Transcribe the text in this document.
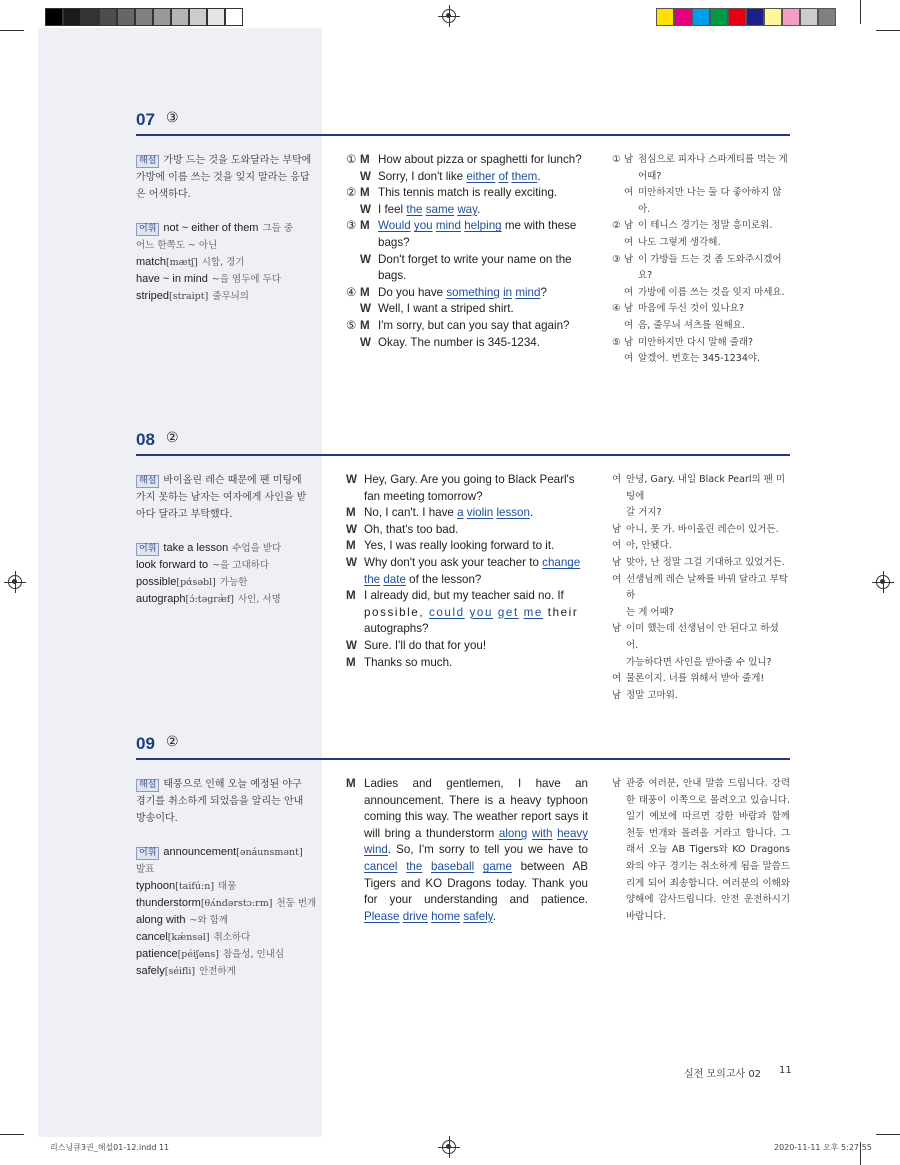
07 ③
해설 가방 드는 것을 도와달라는 부탁에
가방에 이름 쓰는 것을 잊지 말라는 응답
은 어색하다.
어휘 not ~ either of them 그들 중
어느 한쪽도 ~ 아닌
match[mætʃ] 시합, 경기
have ~ in mind ~을 염두에 두다
striped[straipt] 줄무늬의
① M How about pizza or spaghetti for lunch?
W Sorry, I don't like either of them.
② M This tennis match is really exciting.
W I feel the same way.
③ M Would you mind helping me with these
bags?
W Don't forget to write your name on the
bags.
④ M Do you have something in mind?
W Well, I want a striped shirt.
⑤ M I'm sorry, but can you say that again?
W Okay. The number is 345-1234.
① 남 점심으로 피자나 스파게티를 먹는 게
어때?
여 미안하지만 나는 둘 다 좋아하지 않아.
② 남 이 테니스 경기는 정말 흥미로워.
여 나도 그렇게 생각해.
③ 남 이 가방들 드는 것 좀 도와주시겠어요?
여 가방에 이름 쓰는 것을 잊지 마세요.
④ 남 마음에 두신 것이 있나요?
여 음, 줄무늬 셔츠를 원해요.
⑤ 남 미안하지만 다시 말해 줄래?
여 알겠어. 번호는 345-1234야.
08 ②
해설 바이올린 레슨 때문에 팬 미팅에
가지 못하는 남자는 여자에게 사인을 받
아다 달라고 부탁했다.
어휘 take a lesson 수업을 받다
look forward to ~을 고대하다
possible[pάsəbl] 가능한
autograph[ɔ́:təgræ̀f] 사인, 서명
W Hey, Gary. Are you going to Black Pearl's
fan meeting tomorrow?
M No, I can't. I have a violin lesson.
W Oh, that's too bad.
M Yes, I was really looking forward to it.
W Why don't you ask your teacher to change
the date of the lesson?
M I already did, but my teacher said no. If
possible, could you get me their
autographs?
W Sure. I'll do that for you!
M Thanks so much.
여 안녕, Gary. 내일 Black Pearl의 팬 미팅에
갈 거지?
남 아니, 못 가. 바이올린 레슨이 있거든.
여 아, 안됐다.
남 맞아, 난 정말 그걸 기대하고 있었거든.
여 선생님께 레슨 날짜를 바꿔 달라고 부탁하
는 게 어때?
남 이미 했는데 선생님이 안 된다고 하셨어.
가능하다면 사인을 받아줄 수 있니?
여 물론이지. 너를 위해서 받아 줄게!
남 정말 고마워.
09 ②
해설 태풍으로 인해 오늘 예정된 야구
경기를 취소하게 되었음을 알리는 안내
방송이다.
어휘 announcement[ənáunsmənt]
발표
typhoon[taifú:n] 태풍
thunderstorm[θʌ́ndərstɔ:rm] 천둥 번개
along with ~와 함께
cancel[kǽnsəl] 취소하다
patience[péiʃəns] 참을성, 인내심
safely[séifli] 안전하게
M Ladies and gentlemen, I have an announcement. There is a heavy typhoon coming this way. The weather report says it will bring a thunderstorm along with heavy wind. So, I'm sorry to tell you we have to cancel the baseball game between AB Tigers and KO Dragons today. Thank you for your understanding and patience. Please drive home safely.
남 관중 여러분, 안내 말씀 드립니다. 강력한 태풍이 이쪽으로 몰려오고 있습니다. 일기 예보에 따르면 강한 바람과 함께 천둥 번개와 몰려올 거라고 합니다. 그래서 오늘 AB Tigers와 KO Dragons와의 야구 경기는 취소하게 됨을 말씀드리게 되어 죄송합니다. 여러분의 이해와 양해에 감사드립니다. 안전 운전하시기 바랍니다.
실전 모의고사 02 11
리스닝큐3권_해설01-12.indd 11	2020-11-11 오후 5:27:55
